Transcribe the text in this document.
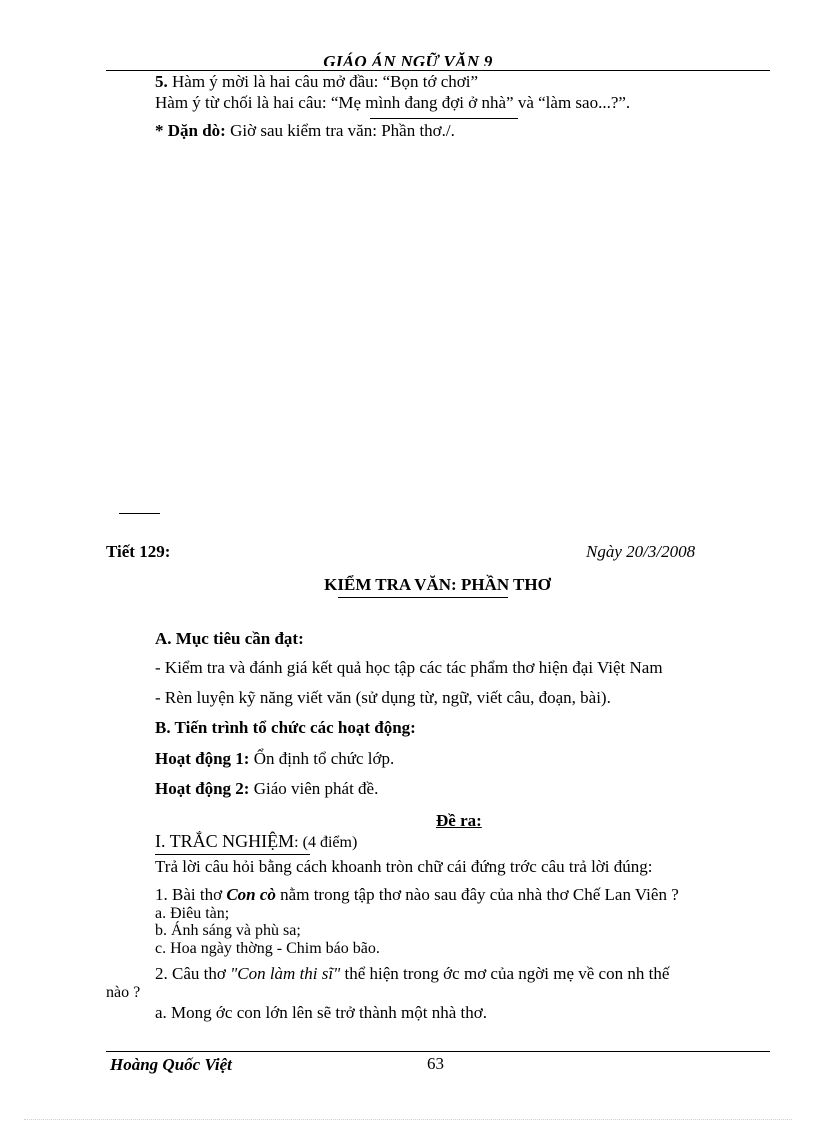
GIÁO ÁN NGỮ VĂN 9
5. Hàm ý mời là hai câu mở đầu: “Bọn tớ chơi”
Hàm ý từ chối là hai câu: “Mẹ mình đang đợi ở nhà” và “làm sao...?”.
* Dặn dò: Giờ sau kiểm tra văn: Phần thơ./.
Tiết 129:	Ngày 20/3/2008
KIỂM TRA VĂN: PHẦN THƠ
A. Mục tiêu cần đạt:
- Kiểm tra và đánh giá kết quả học tập các tác phẩm thơ hiện đại Việt Nam
- Rèn luyện kỹ năng viết văn (sử dụng từ, ngữ, viết câu, đoạn, bài).
B. Tiến trình tổ chức các hoạt động:
Hoạt động 1: Ổn định tổ chức lớp.
Hoạt động 2: Giáo viên phát đề.
Đề ra:
I. TRẮC NGHIỆM: (4 điểm)
Trả lời câu hỏi bằng cách khoanh tròn chữ cái đứng trớc câu trả lời đúng:
1. Bài thơ Con cò nằm trong tập thơ nào sau đây của nhà thơ Chế Lan Viên ?
a. Điêu tàn;
b. Ánh sáng và phù sa;
c. Hoa ngày thờng - Chim báo bão.
2. Câu thơ "Con làm thi sĩ" thể hiện trong ớc mơ của ngời mẹ về con nh thế
nào ?
a. Mong ớc con lớn lên sẽ trở thành một nhà thơ.
Hoàng Quốc Việt	63
